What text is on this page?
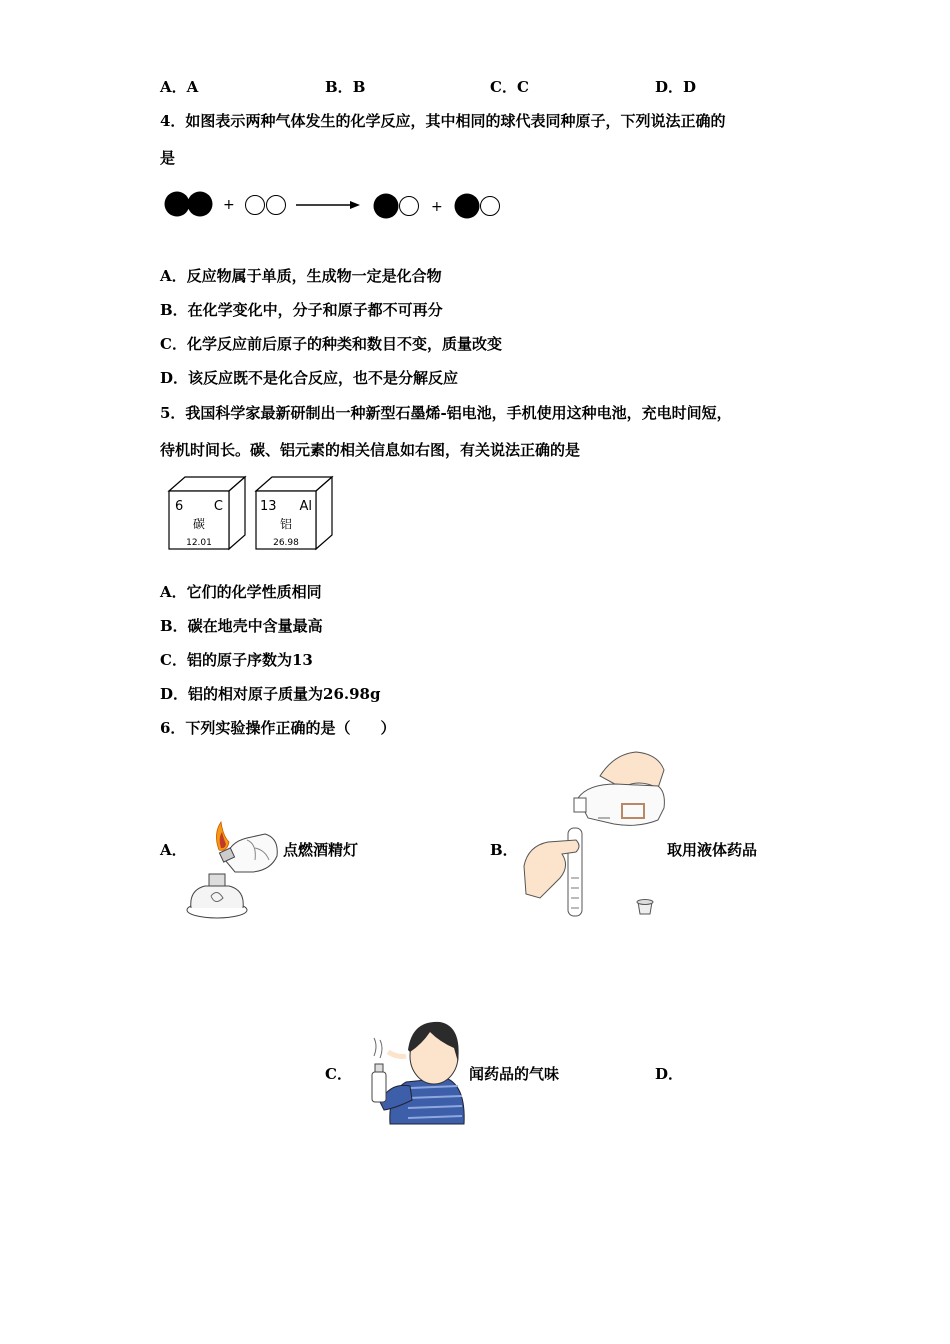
A．A	B．B	C．C	D．D
4．如图表示两种气体发生的化学反应，其中相同的球代表同种原子，下列说法正确的
是
+	+
A．反应物属于单质，生成物一定是化合物
B．在化学变化中，分子和原子都不可再分
C．化学反应前后原子的种类和数目不变，质量改变
D．该反应既不是化合反应，也不是分解反应
5．我国科学家最新研制出一种新型石墨烯-铝电池，手机使用这种电池，充电时间短，
待机时间长。碳、铝元素的相关信息如右图，有关说法正确的是
6 C
碳
12.01
13 Al
铝
26.98
A．它们的化学性质相同
B．碳在地壳中含量最高
C．铝的原子序数为13
D．铝的相对原子质量为26.98g
6．下列实验操作正确的是（　　）
A．	点燃酒精灯	B．	取用液体药品
C．	闻药品的气味	D．
